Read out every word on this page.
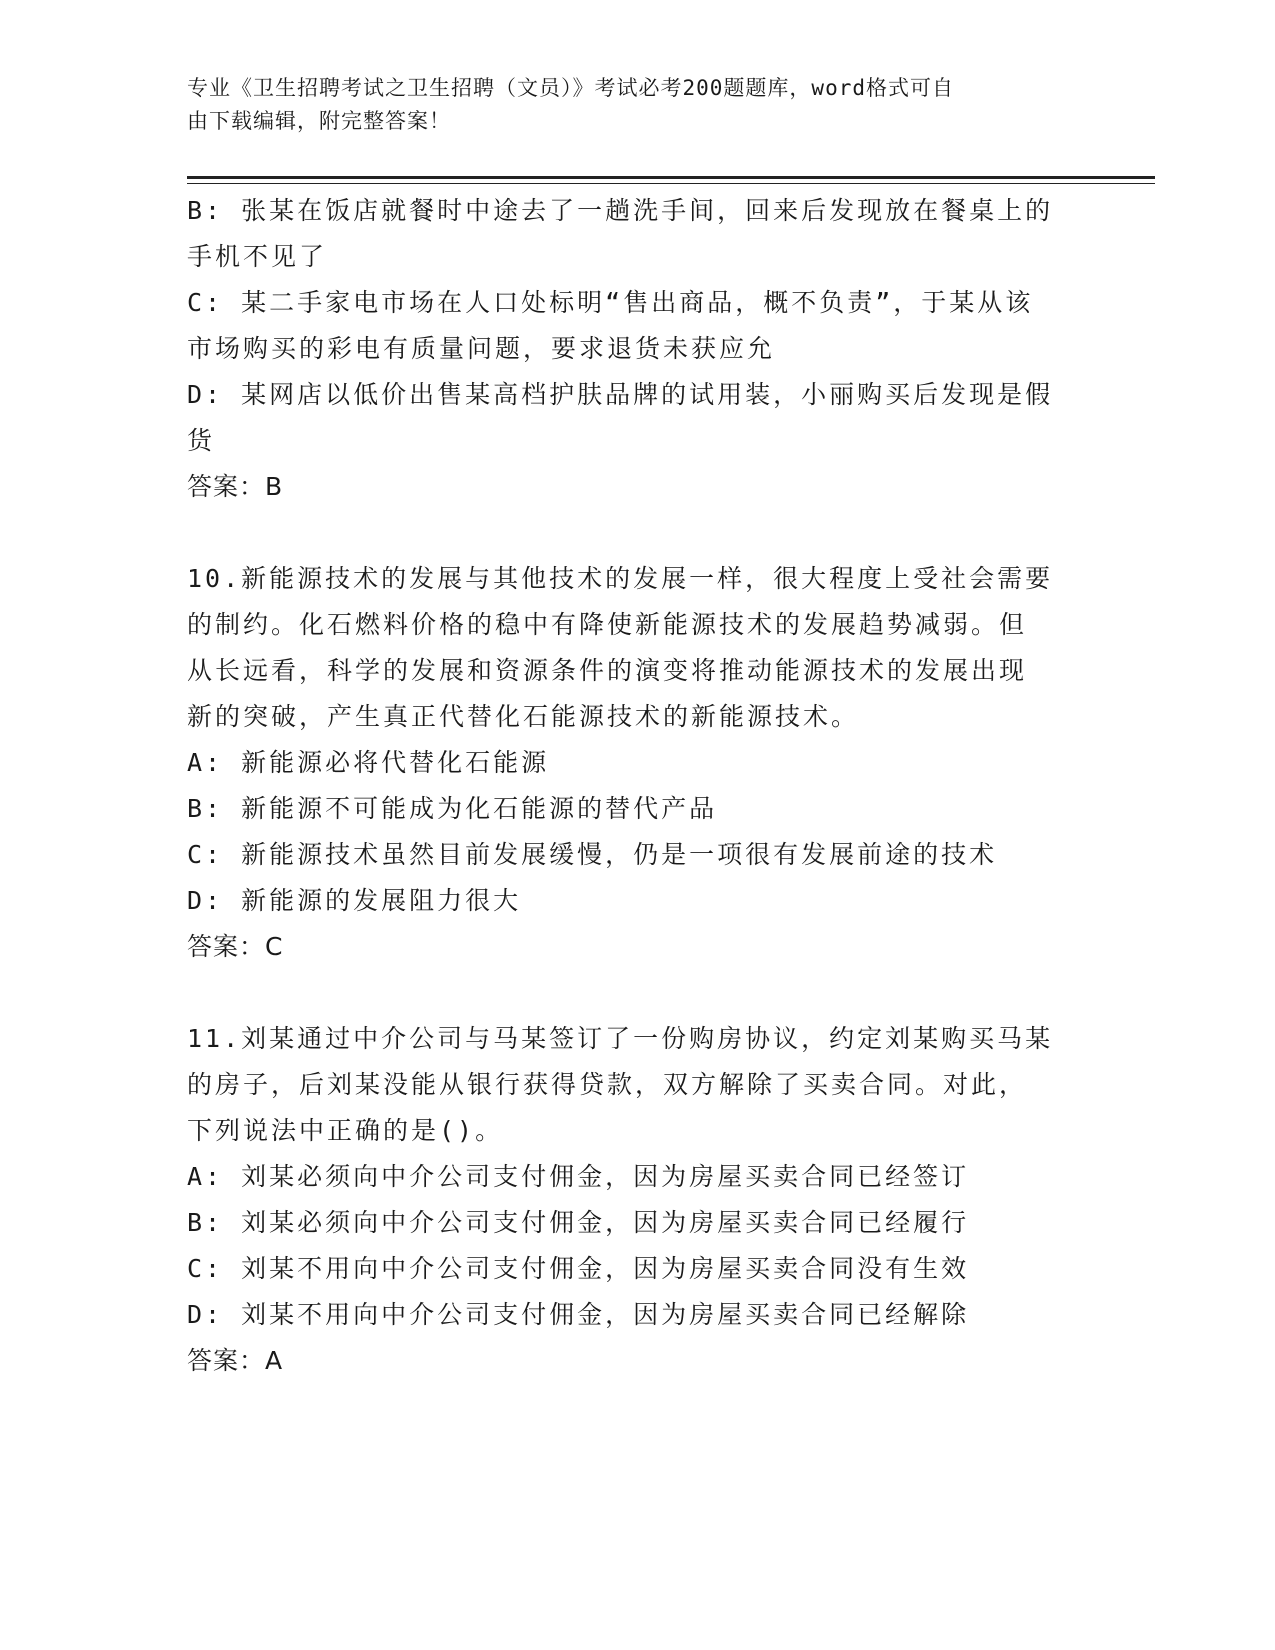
专业《卫生招聘考试之卫生招聘（文员）》考试必考200题题库，word格式可自
由下载编辑，附完整答案！
B: 张某在饭店就餐时中途去了一趟洗手间，回来后发现放在餐桌上的
手机不见了
C: 某二手家电市场在人口处标明“售出商品，概不负责”，于某从该
市场购买的彩电有质量问题，要求退货未获应允
D: 某网店以低价出售某高档护肤品牌的试用装，小丽购买后发现是假
货
答案：B
10.新能源技术的发展与其他技术的发展一样，很大程度上受社会需要
的制约。化石燃料价格的稳中有降使新能源技术的发展趋势减弱。但
从长远看，科学的发展和资源条件的演变将推动能源技术的发展出现
新的突破，产生真正代替化石能源技术的新能源技术。
A: 新能源必将代替化石能源
B: 新能源不可能成为化石能源的替代产品
C: 新能源技术虽然目前发展缓慢，仍是一项很有发展前途的技术
D: 新能源的发展阻力很大
答案：C
11.刘某通过中介公司与马某签订了一份购房协议，约定刘某购买马某
的房子，后刘某没能从银行获得贷款，双方解除了买卖合同。对此，
下列说法中正确的是()。
A: 刘某必须向中介公司支付佣金，因为房屋买卖合同已经签订
B: 刘某必须向中介公司支付佣金，因为房屋买卖合同已经履行
C: 刘某不用向中介公司支付佣金，因为房屋买卖合同没有生效
D: 刘某不用向中介公司支付佣金，因为房屋买卖合同已经解除
答案：A
